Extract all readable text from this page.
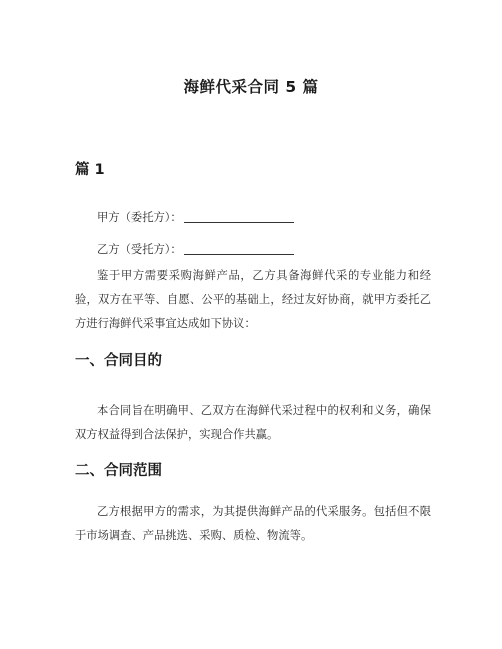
海鲜代采合同 5 篇
篇 1
甲方（委托方）：
乙方（受托方）：

鉴于甲方需要采购海鲜产品，乙方具备海鲜代采的专业能力和经验，双方在平等、自愿、公平的基础上，经过友好协商，就甲方委托乙方进行海鲜代采事宜达成如下协议：

一、合同目的

本合同旨在明确甲、乙双方在海鲜代采过程中的权利和义务，确保双方权益得到合法保护，实现合作共赢。

二、合同范围

乙方根据甲方的需求，为其提供海鲜产品的代采服务。包括但不限于市场调查、产品挑选、采购、质检、物流等。
